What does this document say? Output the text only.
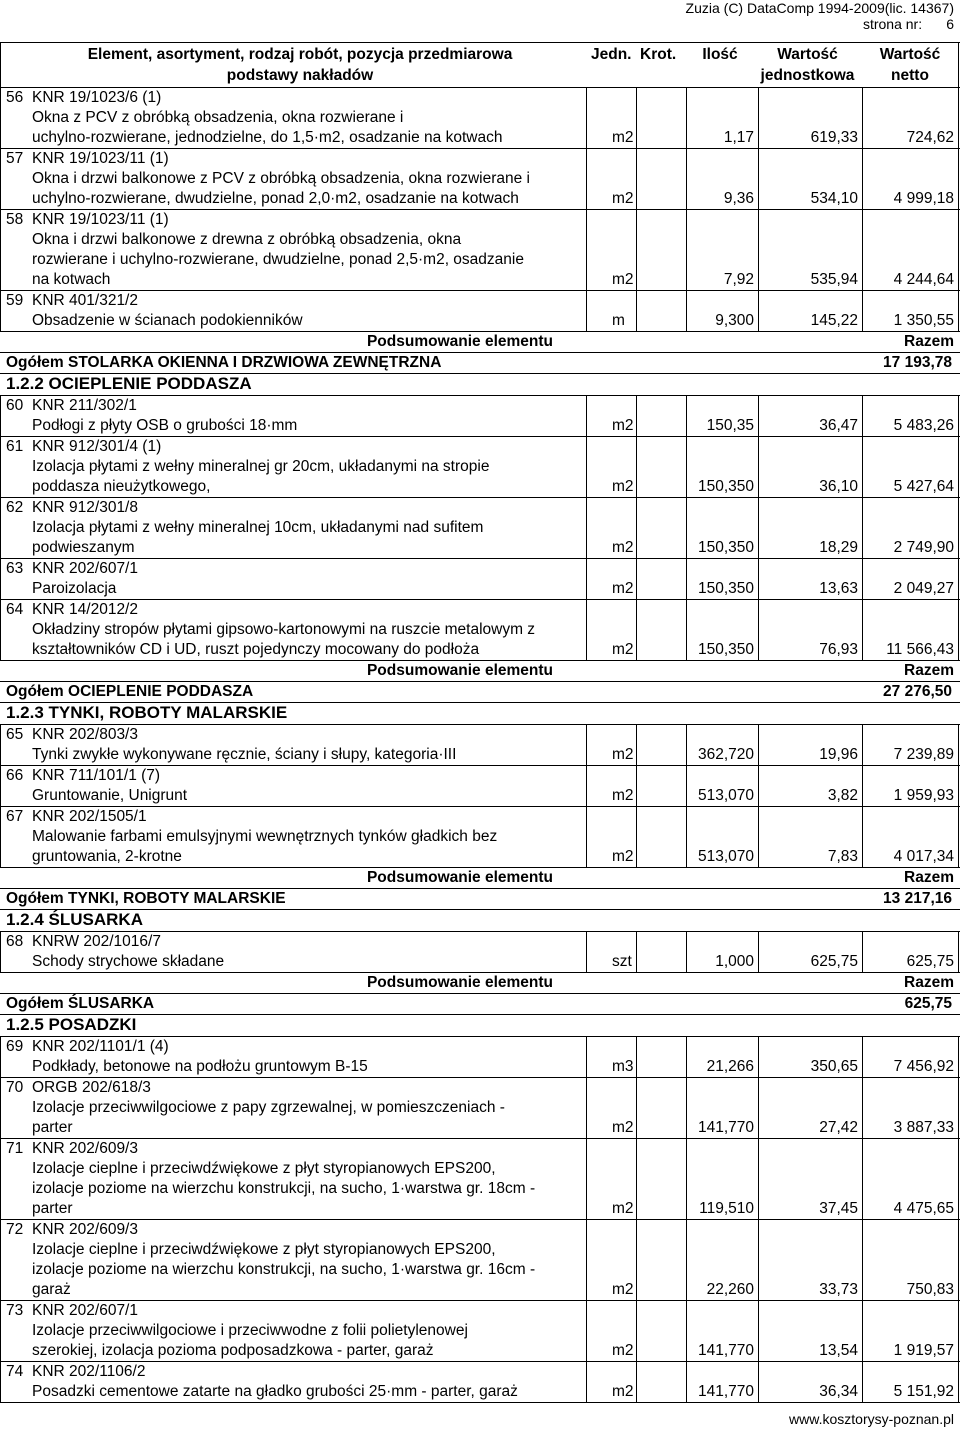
Zuzia (C) DataComp 1994-2009(lic. 14367)
strona nr: 6
Element, asortyment, rodzaj robót, pozycja przedmiarowa
podstawy nakładów
Jedn. Krot.	Ilość	Wartość
jednostkowa
Wartość
netto
56 KNR 19/1023/6 (1)
Okna z PCV z obróbką obsadzenia, okna rozwierane i
uchylno-rozwierane, jednodzielne, do 1,5·m2, osadzanie na kotwach	m2	1,17	619,33	724,62
57 KNR 19/1023/11 (1)
Okna i drzwi balkonowe z PCV z obróbką obsadzenia, okna rozwierane i
uchylno-rozwierane, dwudzielne, ponad 2,0·m2, osadzanie na kotwach	m2	9,36	534,10	4 999,18
58 KNR 19/1023/11 (1)
Okna i drzwi balkonowe z drewna z obróbką obsadzenia, okna
rozwierane i uchylno-rozwierane, dwudzielne, ponad 2,5·m2, osadzanie
na kotwach	m2	7,92	535,94	4 244,64
59 KNR 401/321/2
Obsadzenie w ścianach podokienników	m	9,300	145,22	1 350,55
Podsumowanie elementu	Razem
Ogółem STOLARKA OKIENNA I DRZWIOWA ZEWNĘTRZNA	17 193,78
1.2.2 OCIEPLENIE PODDASZA
60 KNR 211/302/1
Podłogi z płyty OSB o grubości 18·mm	m2	150,35	36,47	5 483,26
61 KNR 912/301/4 (1)
Izolacja płytami z wełny mineralnej gr 20cm, układanymi na stropie
poddasza nieużytkowego,	m2	150,350	36,10	5 427,64
62 KNR 912/301/8
Izolacja płytami z wełny mineralnej 10cm, układanymi nad sufitem
podwieszanym	m2	150,350	18,29	2 749,90
63 KNR 202/607/1
Paroizolacja	m2	150,350	13,63	2 049,27
64 KNR 14/2012/2
Okładziny stropów płytami gipsowo-kartonowymi na ruszcie metalowym z
kształtowników CD i UD, ruszt pojedynczy mocowany do podłoża	m2	150,350	76,93	11 566,43
Podsumowanie elementu	Razem
Ogółem OCIEPLENIE PODDASZA	27 276,50
1.2.3 TYNKI, ROBOTY MALARSKIE
65 KNR 202/803/3
Tynki zwykłe wykonywane ręcznie, ściany i słupy, kategoria·III	m2	362,720	19,96	7 239,89
66 KNR 711/101/1 (7)
Gruntowanie, Unigrunt	m2	513,070	3,82	1 959,93
67 KNR 202/1505/1
Malowanie farbami emulsyjnymi wewnętrznych tynków gładkich bez
gruntowania, 2-krotne	m2	513,070	7,83	4 017,34
Podsumowanie elementu	Razem
Ogółem TYNKI, ROBOTY MALARSKIE	13 217,16
1.2.4 ŚLUSARKA
68 KNRW 202/1016/7
Schody strychowe składane	szt	1,000	625,75	625,75
Podsumowanie elementu	Razem
Ogółem ŚLUSARKA	625,75
1.2.5 POSADZKI
69 KNR 202/1101/1 (4)
Podkłady, betonowe na podłożu gruntowym B-15	m3	21,266	350,65	7 456,92
70 ORGB 202/618/3
Izolacje przeciwwilgociowe z papy zgrzewalnej, w pomieszczeniach -
parter	m2	141,770	27,42	3 887,33
71 KNR 202/609/3
Izolacje cieplne i przeciwdźwiękowe z płyt styropianowych EPS200,
izolacje poziome na wierzchu konstrukcji, na sucho, 1·warstwa gr. 18cm -
parter	m2	119,510	37,45	4 475,65
72 KNR 202/609/3
Izolacje cieplne i przeciwdźwiękowe z płyt styropianowych EPS200,
izolacje poziome na wierzchu konstrukcji, na sucho, 1·warstwa gr. 16cm -
garaż	m2	22,260	33,73	750,83
73 KNR 202/607/1
Izolacje przeciwwilgociowe i przeciwwodne z folii polietylenowej
szerokiej, izolacja pozioma podposadzkowa - parter, garaż	m2	141,770	13,54	1 919,57
74 KNR 202/1106/2
Posadzki cementowe zatarte na gładko grubości 25·mm - parter, garaż	m2	141,770	36,34	5 151,92
www.kosztorysy-poznan.pl
